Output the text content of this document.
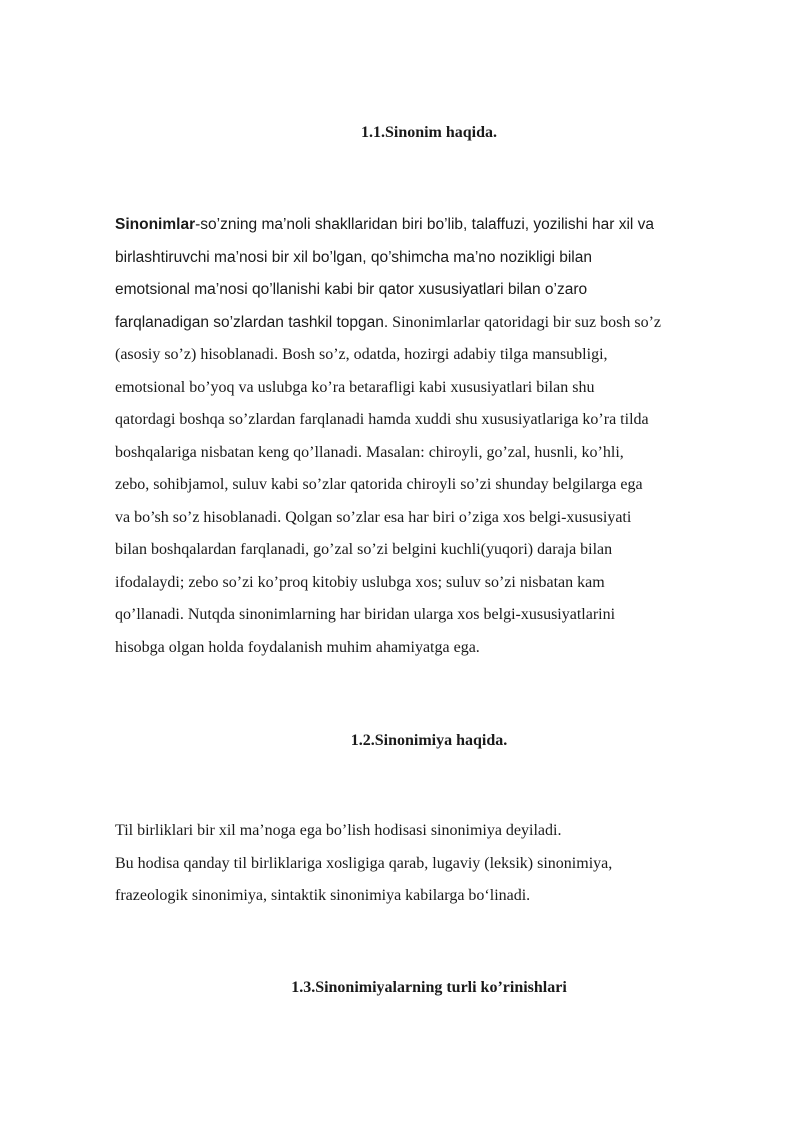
1.1.Sinonim haqida.
Sinonimlar-so’zning ma’noli shakllaridan biri bo’lib, talaffuzi, yozilishi har xil va
birlashtiruvchi ma’nosi bir xil bo’lgan, qo’shimcha ma’no nozikligi bilan
emotsional ma’nosi qo’llanishi kabi bir qator xususiyatlari bilan o’zaro
farqlanadigan so’zlardan tashkil topgan. Sinonimlarlar qatoridagi bir suz bosh so’z
(asosiy so’z) hisoblanadi. Bosh so’z, odatda, hozirgi adabiy tilga mansubligi,
emotsional bo’yoq va uslubga ko’ra betarafligi kabi xususiyatlari bilan shu
qatordagi boshqa so’zlardan farqlanadi hamda xuddi shu xususiyatlariga ko’ra tilda
boshqalariga nisbatan keng qo’llanadi. Masalan: chiroyli, go’zal, husnli, ko’hli,
zebo, sohibjamol, suluv kabi so’zlar qatorida chiroyli so’zi shunday belgilarga ega
va bo’sh so’z hisoblanadi. Qolgan so’zlar esa har biri o’ziga xos belgi-xususiyati
bilan boshqalardan farqlanadi, go’zal so’zi belgini kuchli(yuqori) daraja bilan
ifodalaydi; zebo so’zi ko’proq kitobiy uslubga xos; suluv so’zi nisbatan kam
qo’llanadi. Nutqda sinonimlarning har biridan ularga xos belgi-xususiyatlarini
hisobga olgan holda foydalanish muhim ahamiyatga ega.
1.2.Sinonimiya haqida.
Til birliklari bir xil ma’noga ega bo’lish hodisasi sinonimiya deyiladi.
Bu hodisa qanday til birliklariga xosligiga qarab, lugaviy (leksik) sinonimiya,
frazeologik sinonimiya, sintaktik sinonimiya kabilarga bo‘linadi.
1.3.Sinonimiyalarning turli ko’rinishlari
